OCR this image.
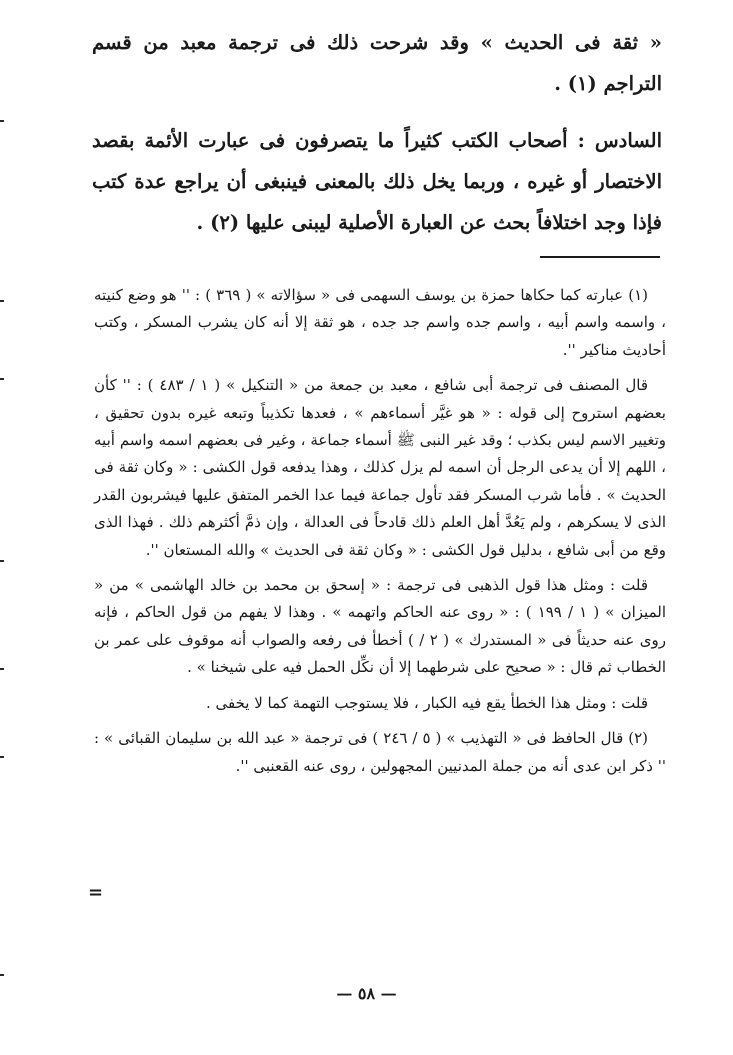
« ثقة فى الحديث » وقد شرحت ذلك فى ترجمة معبد من قسم التراجم (١) .

السادس : أصحاب الكتب كثيراً ما يتصرفون فى عبارت الأئمة بقصد الاختصار أو غيره ، وربما يخل ذلك بالمعنى فينبغى أن يراجع عدة كتب فإذا وجد اختلافاً بحث عن العبارة الأصلية ليبنى عليها (٢) .

(١) عبارته كما حكاها حمزة بن يوسف السهمى فى « سؤالاته » ( ٣٦٩ ) : '' هو وضع كنيته ، واسمه واسم أبيه ، واسم جده واسم جد جده ، هو ثقة إلا أنه كان يشرب المسكر ، وكتب أحاديث مناكير ''.

قال المصنف فى ترجمة أبى شافع ، معبد بن جمعة من « التنكيل » ( ١ / ٤٨٣ ) : '' كأن بعضهم استروح إلى قوله : « هو غيَّر أسماءهم » ، فعدها تكذيباً وتبعه غيره بدون تحقيق ، وتغيير الاسم ليس بكذب ؛ وقد غير النبى ﷺ أسماء جماعة ، وغير فى بعضهم اسمه واسم أبيه ، اللهم إلا أن يدعى الرجل أن اسمه لم يزل كذلك ، وهذا يدفعه قول الكشى : « وكان ثقة فى الحديث » . فأما شرب المسكر فقد تأول جماعة فيما عدا الخمر المتفق عليها فيشربون القدر الذى لا يسكرهم ، ولم يَعُدَّ أهل العلم ذلك قادحاً فى العدالة ، وإن ذمَّ أكثرهم ذلك . فهذا الذى وقع من أبى شافع ، بدليل قول الكشى : « وكان ثقة فى الحديث » والله المستعان ''.

قلت : ومثل هذا قول الذهبى فى ترجمة : « إسحق بن محمد بن خالد الهاشمى » من « الميزان » ( ١ / ١٩٩ ) : « روى عنه الحاكم واتهمه » . وهذا لا يفهم من قول الحاكم ، فإنه روى عنه حديثاً فى « المستدرك » ( ٢ / ) أخطأ فى رفعه والصواب أنه موقوف على عمر بن الخطاب ثم قال : « صحيح على شرطهما إلا أن نكِّل الحمل فيه على شيخنا » .

قلت : ومثل هذا الخطأ يقع فيه الكبار ، فلا يستوجب التهمة كما لا يخفى .

(٢) قال الحافظ فى « التهذيب » ( ٥ / ٢٤٦ ) فى ترجمة « عبد الله بن سليمان القبائى » : '' ذكر ابن عدى أنه من جملة المدنيين المجهولين ، روى عنه القعنبى ''.

=
— ٥٨ —
